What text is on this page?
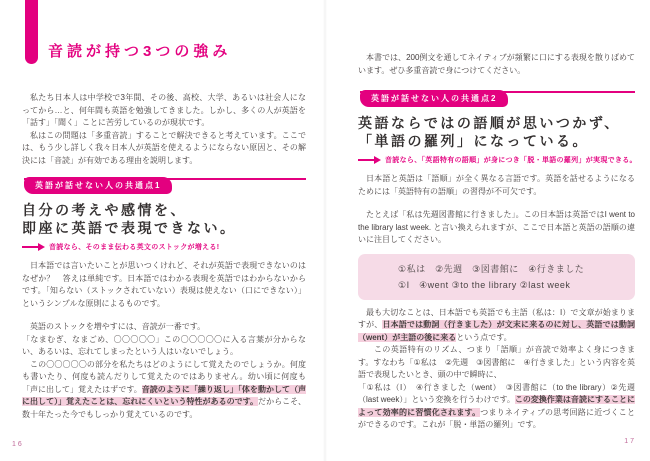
音読が持つ3つの強み

私たち日本人は中学校で3年間、その後、高校、大学、あるいは社会人になってから…と、何年間も英語を勉強してきました。しかし、多くの人が英語を「話す」「聞く」ことに苦労しているのが現状です。

私はこの問題は「多重音読」することで解決できると考えています。ここでは、もう少し詳しく我々日本人が英語を使えるようにならない原因と、その解決には「音読」が有効である理由を説明します。

英語が話せない人の共通点1
自分の考えや感情を、
即座に英語で表現できない。
音読なら、そのまま伝わる英文のストックが増える!

日本語では言いたいことが思いつくけれど、それが英語で表現できないのはなぜか？　答えは単純です。日本語ではわかる表現を英語ではわからないからです。「知らない（ストックされていない）表現は使えない（口にできない）」というシンプルな原則によるものです。

英語のストックを増やすには、音読が一番です。

「なまむぎ、なまごめ、〇〇〇〇〇」この〇〇〇〇〇に入る言葉が分からない、あるいは、忘れてしまったという人はいないでしょう。

この〇〇〇〇〇の部分を私たちはどのようにして覚えたのでしょうか。何度も書いたり、何度も読んだりして覚えたのではありません。幼い頃に何度も「声に出して」覚えたはずです。音読のように「繰り返し」「体を動かして（声に出して）」覚えたことは、忘れにくいという特性があるのです。だからこそ、数十年たった今でもしっかり覚えているのです。

16

本書では、200例文を通してネイティブが頻繁に口にする表現を散りばめています。ぜひ多重音読で身につけてください。

英語が話せない人の共通点2
英語ならではの語順が思いつかず、
「単語の羅列」になっている。
音読なら、「英語特有の語順」が身につき「脱・単語の羅列」が実現できる。

日本語と英語は「語順」が全く異なる言語です。英語を話せるようになるためには「英語特有の語順」の習得が不可欠です。

たとえば「私は先週図書館に行きました」。この日本語は英語ではI went to the library last week. と言い換えられますが、ここで日本語と英語の語順の違いに注目してください。

①私は　②先週　③図書館に　④行きました

①I　④went ③to the library ②last week

最も大切なことは、日本語でも英語でも主語（私は：I）で文章が始まりますが、日本語では動詞（行きました）が文末に来るのに対し、英語では動詞（went）が主語の後に来るという点です。

この英語特有のリズム、つまり「語順」が音読で効率よく身につきます。すなわち「①私は　②先週　③図書館に　④行きました」という内容を英語で表現したいとき、頭の中で瞬時に、

「①私は（I）　④行きました（went）　③図書館に（to the library）②先週（last week）」という変換を行うわけです。この変換作業は音読にすることによって効率的に習慣化されます。つまりネイティブの思考回路に近づくことができるのです。これが「脱・単語の羅列」です。

17
